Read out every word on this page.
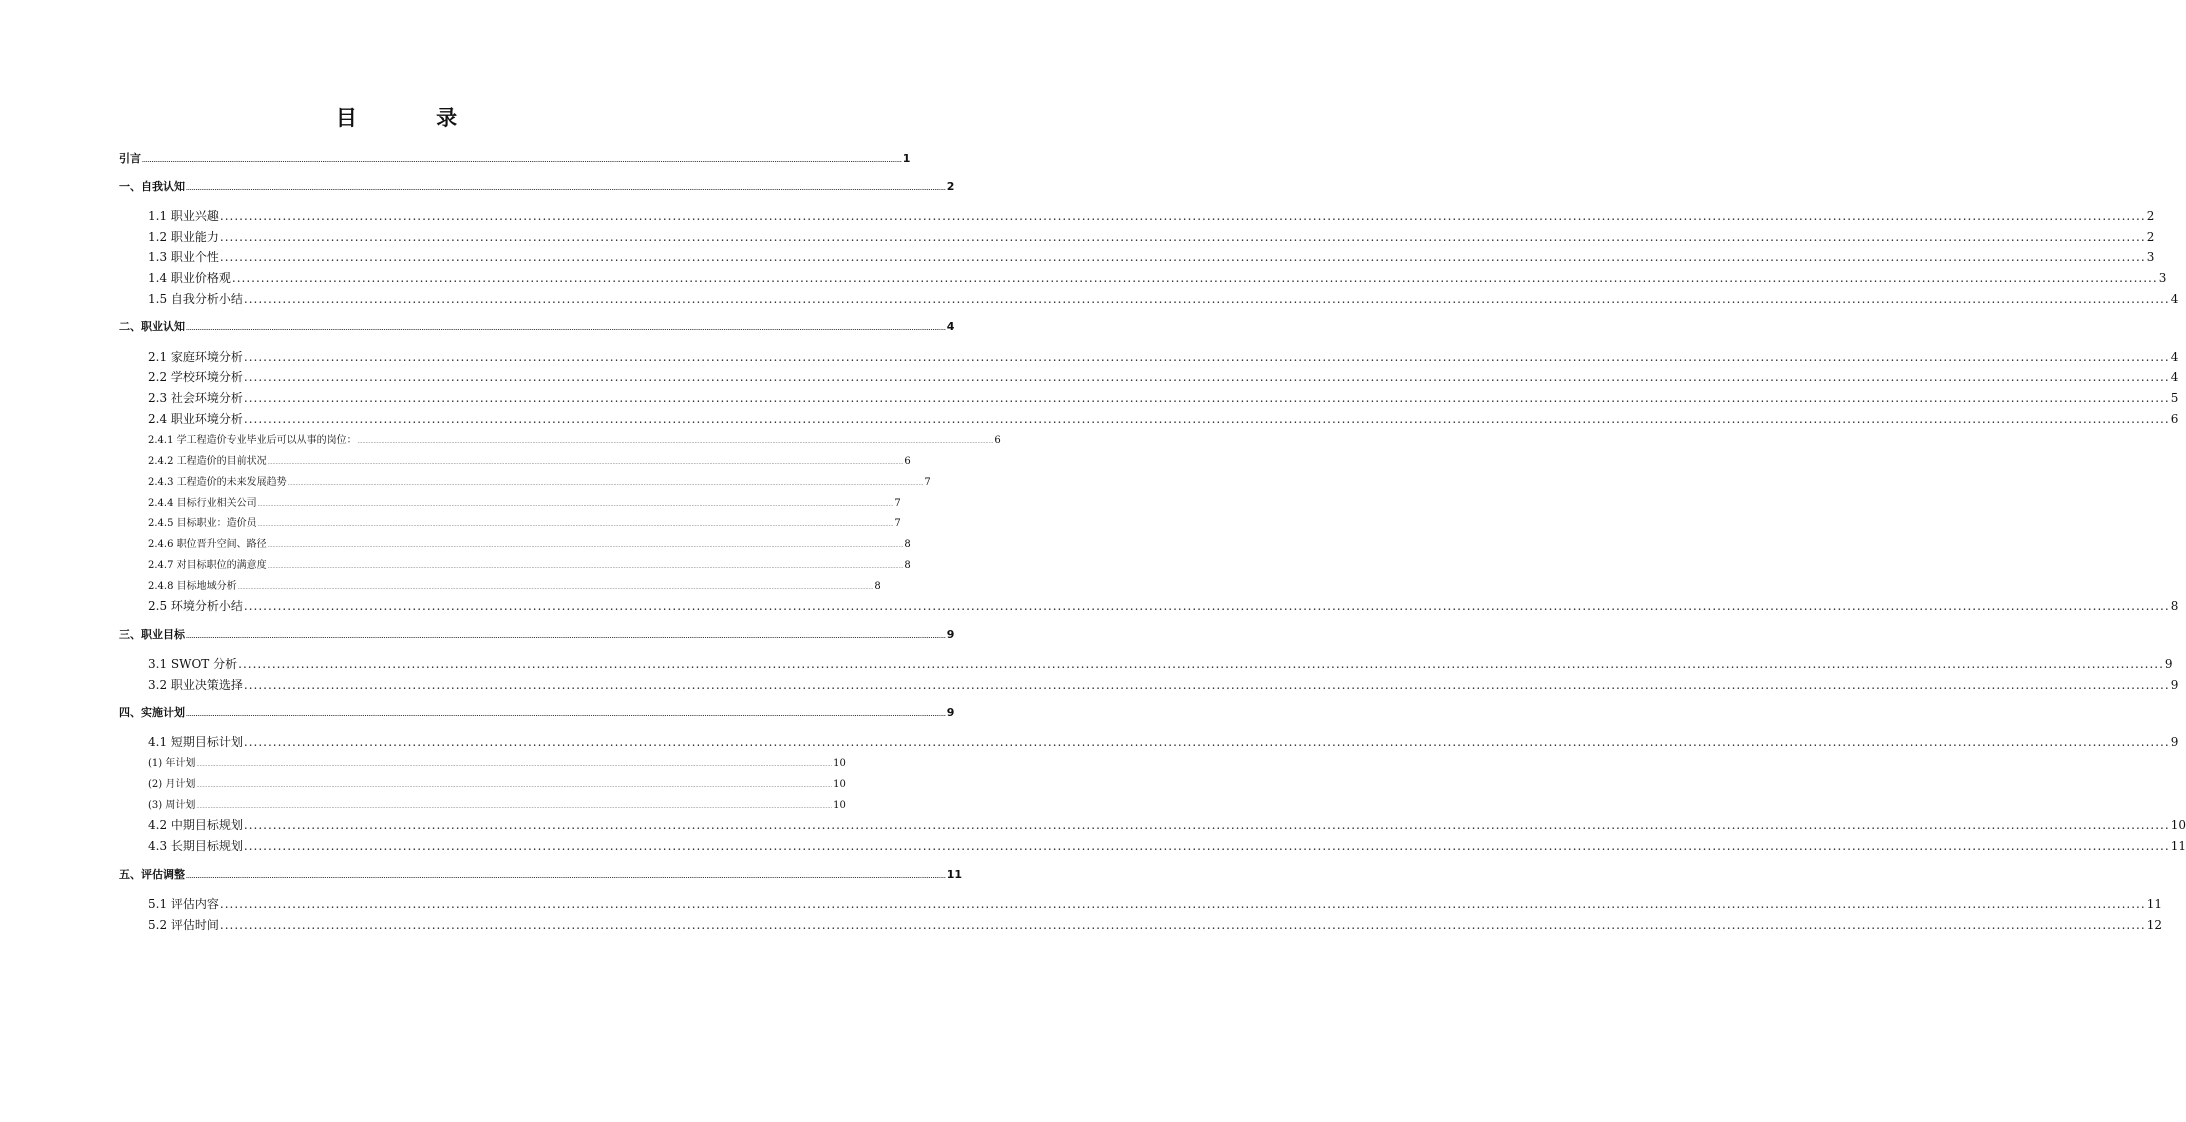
目 录
引言 ................................................................................................................................................................................................................................................................................................................................................................................................................ 1
一、自我认知 ................................................................................................................................................................................................................................................................................................................................................................................................................ 2
1.1 职业兴趣 ................................................................................................................................................................................................................................................................................................................................................................................................................ 2
1.2 职业能力 ................................................................................................................................................................................................................................................................................................................................................................................................................ 2
1.3 职业个性 ................................................................................................................................................................................................................................................................................................................................................................................................................ 3
1.4 职业价格观 ................................................................................................................................................................................................................................................................................................................................................................................................................ 3
1.5 自我分析小结 ................................................................................................................................................................................................................................................................................................................................................................................................................ 4
二、职业认知 ................................................................................................................................................................................................................................................................................................................................................................................................................ 4
2.1 家庭环境分析 ................................................................................................................................................................................................................................................................................................................................................................................................................ 4
2.2 学校环境分析 ................................................................................................................................................................................................................................................................................................................................................................................................................ 4
2.3 社会环境分析 ................................................................................................................................................................................................................................................................................................................................................................................................................ 5
2.4 职业环境分析 ................................................................................................................................................................................................................................................................................................................................................................................................................ 6
2.4.1 学工程造价专业毕业后可以从事的岗位： ................................................................................................................................................................................................................................................................................................................................................................................................................ 6
2.4.2 工程造价的目前状况 ................................................................................................................................................................................................................................................................................................................................................................................................................ 6
2.4.3 工程造价的未来发展趋势 ................................................................................................................................................................................................................................................................................................................................................................................................................ 7
2.4.4 目标行业相关公司 ................................................................................................................................................................................................................................................................................................................................................................................................................ 7
2.4.5 目标职业：造价员 ................................................................................................................................................................................................................................................................................................................................................................................................................ 7
2.4.6 职位晋升空间、路径 ................................................................................................................................................................................................................................................................................................................................................................................................................ 8
2.4.7 对目标职位的满意度 ................................................................................................................................................................................................................................................................................................................................................................................................................ 8
2.4.8 目标地域分析 ................................................................................................................................................................................................................................................................................................................................................................................................................ 8
2.5 环境分析小结 ................................................................................................................................................................................................................................................................................................................................................................................................................ 8
三、职业目标 ................................................................................................................................................................................................................................................................................................................................................................................................................ 9
3.1 SWOT 分析 ................................................................................................................................................................................................................................................................................................................................................................................................................ 9
3.2 职业决策选择 ................................................................................................................................................................................................................................................................................................................................................................................................................ 9
四、实施计划 ................................................................................................................................................................................................................................................................................................................................................................................................................ 9
4.1 短期目标计划 ................................................................................................................................................................................................................................................................................................................................................................................................................ 9
(1) 年计划 ................................................................................................................................................................................................................................................................................................................................................................................................................ 10
(2) 月计划 ................................................................................................................................................................................................................................................................................................................................................................................................................ 10
(3) 周计划 ................................................................................................................................................................................................................................................................................................................................................................................................................ 10
4.2 中期目标规划 ................................................................................................................................................................................................................................................................................................................................................................................................................ 10
4.3 长期目标规划 ................................................................................................................................................................................................................................................................................................................................................................................................................ 11
五、评估调整 ................................................................................................................................................................................................................................................................................................................................................................................................................ 11
5.1 评估内容 ................................................................................................................................................................................................................................................................................................................................................................................................................ 11
5.2 评估时间 ................................................................................................................................................................................................................................................................................................................................................................................................................ 12
